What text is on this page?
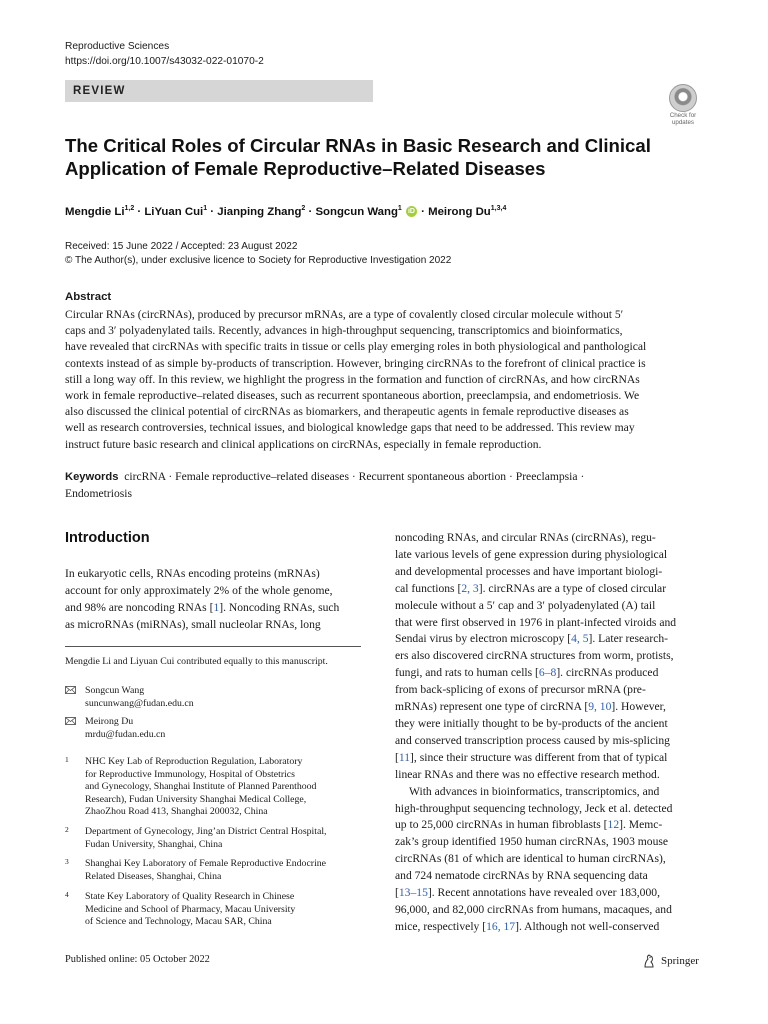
Reproductive Sciences
https://doi.org/10.1007/s43032-022-01070-2
REVIEW
Check for updates
The Critical Roles of Circular RNAs in Basic Research and Clinical
Application of Female Reproductive–Related Diseases
Mengdie Li$^{1,2}$ · LiYuan Cui$^1$ · Jianping Zhang$^2$ · Songcun Wang$^1$ iD · Meirong Du$^{1,3,4}$
Received: 15 June 2022 / Accepted: 23 August 2022
© The Author(s), under exclusive licence to Society for Reproductive Investigation 2022
Abstract
Circular RNAs (circRNAs), produced by precursor mRNAs, are a type of covalently closed circular molecule without 5′
caps and 3′ polyadenylated tails. Recently, advances in high-throughput sequencing, transcriptomics and bioinformatics,
have revealed that circRNAs with specific traits in tissue or cells play emerging roles in both physiological and panthological
contexts instead of as simple by-products of transcription. However, bringing circRNAs to the forefront of clinical practice is
still a long way off. In this review, we highlight the progress in the formation and function of circRNAs, and how circRNAs
work in female reproductive–related diseases, such as recurrent spontaneous abortion, preeclampsia, and endometriosis. We
also discussed the clinical potential of circRNAs as biomarkers, and therapeutic agents in female reproductive diseases as
well as research controversies, technical issues, and biological knowledge gaps that need to be addressed. This review may
instruct future basic research and clinical applications on circRNAs, especially in female reproduction.
Keywords circRNA · Female reproductive–related diseases · Recurrent spontaneous abortion · Preeclampsia ·
Endometriosis
Introduction
In eukaryotic cells, RNAs encoding proteins (mRNAs)
account for only approximately 2% of the whole genome,
and 98% are noncoding RNAs [1]. Noncoding RNAs, such
as microRNAs (miRNAs), small nucleolar RNAs, long
Mengdie Li and Liyuan Cui contributed equally to this manuscript.
Songcun Wang
suncunwang@fudan.edu.cn
Meirong Du
mrdu@fudan.edu.cn
1 NHC Key Lab of Reproduction Regulation, Laboratory
for Reproductive Immunology, Hospital of Obstetrics
and Gynecology, Shanghai Institute of Planned Parenthood
Research), Fudan University Shanghai Medical College,
ZhaoZhou Road 413, Shanghai 200032, China
2 Department of Gynecology, Jing’an District Central Hospital,
Fudan University, Shanghai, China
3 Shanghai Key Laboratory of Female Reproductive Endocrine
Related Diseases, Shanghai, China
4 State Key Laboratory of Quality Research in Chinese
Medicine and School of Pharmacy, Macau University
of Science and Technology, Macau SAR, China

noncoding RNAs, and circular RNAs (circRNAs), regu-
late various levels of gene expression during physiological
and developmental processes and have important biologi-
cal functions [2, 3]. circRNAs are a type of closed circular
molecule without a 5′ cap and 3′ polyadenylated (A) tail
that were first observed in 1976 in plant-infected viroids and
Sendai virus by electron microscopy [4, 5]. Later research-
ers also discovered circRNA structures from worm, protists,
fungi, and rats to human cells [6–8]. circRNAs produced
from back-splicing of exons of precursor mRNA (pre-
mRNAs) represent one type of circRNA [9, 10]. However,
they were initially thought to be by-products of the ancient
and conserved transcription process caused by mis-splicing
[11], since their structure was different from that of typical
linear RNAs and there was no effective research method.

With advances in bioinformatics, transcriptomics, and
high-throughput sequencing technology, Jeck et al. detected
up to 25,000 circRNAs in human fibroblasts [12]. Memc-
zak’s group identified 1950 human circRNAs, 1903 mouse
circRNAs (81 of which are identical to human circRNAs),
and 724 nematode circRNAs by RNA sequencing data
[13–15]. Recent annotations have revealed over 183,000,
96,000, and 82,000 circRNAs from humans, macaques, and
mice, respectively [16, 17]. Although not well-conserved

Published online: 05 October 2022	Springer
